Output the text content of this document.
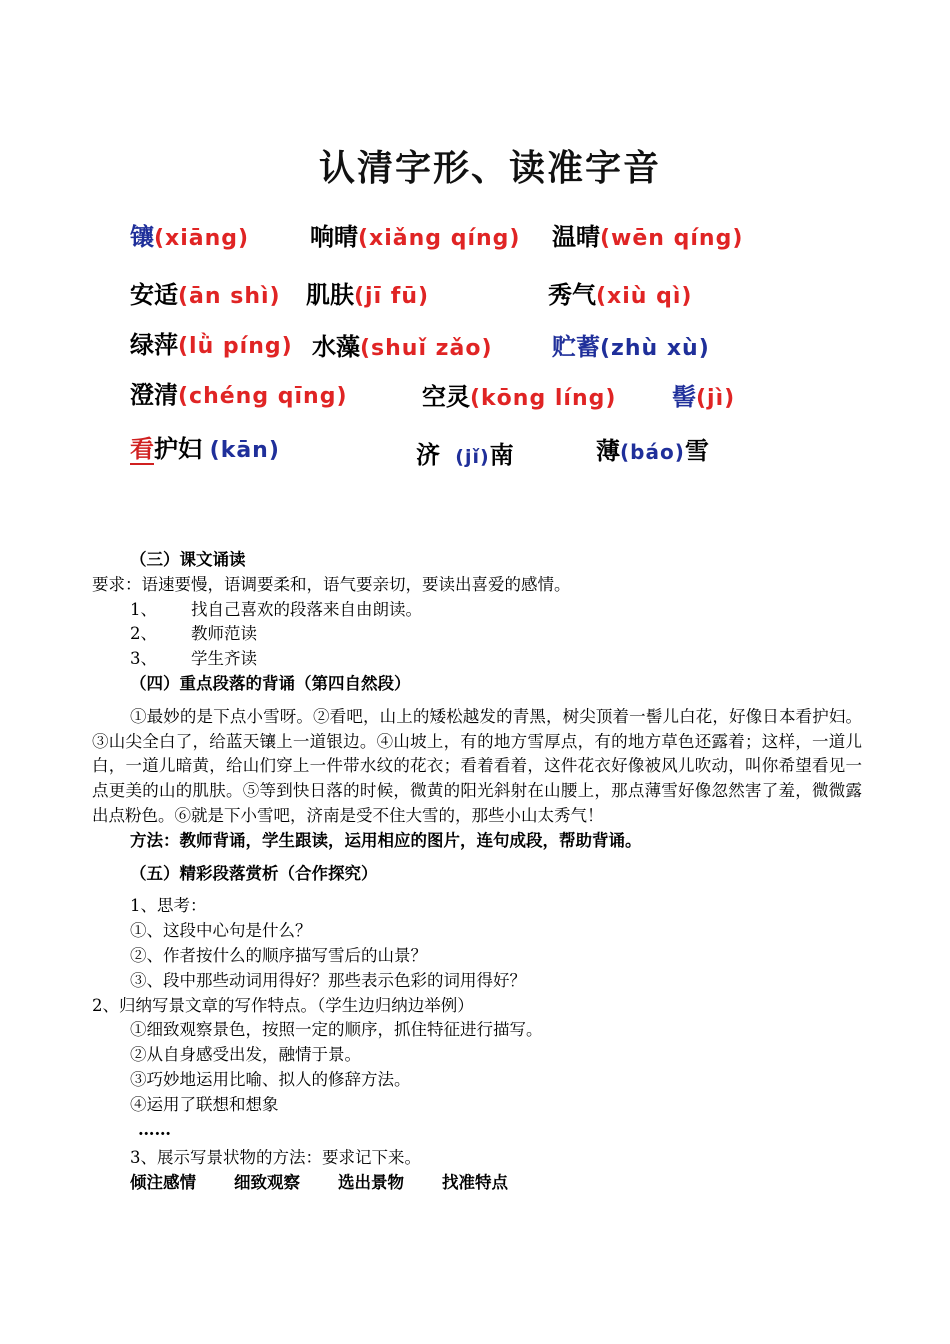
认清字形、读准字音
镶(xiāng)	响晴(xiǎng qíng) 温晴(wēn qíng)
安适(ān shì) 肌肤(jī fū)	秀气(xiù qì)
绿萍(lǜ píng) 水藻(shuǐ zǎo) 贮蓄(zhù xù)
澄清(chéng qīng)	空灵(kōng líng) 髻(jì)
看护妇 (kān)	济 (jǐ)南	薄(báo)雪
（三）课文诵读
要求：语速要慢，语调要柔和，语气要亲切，要读出喜爱的感情。
1、 找自己喜欢的段落来自由朗读。
2、 教师范读
3、 学生齐读
（四）重点段落的背诵（第四自然段）
①最妙的是下点小雪呀。②看吧，山上的矮松越发的青黑，树尖顶着一髻儿白花，好像日本看护妇。③山尖全白了，给蓝天镶上一道银边。④山坡上，有的地方雪厚点，有的地方草色还露着；这样，一道儿白，一道儿暗黄，给山们穿上一件带水纹的花衣；看着看着，这件花衣好像被风儿吹动，叫你希望看见一点更美的山的肌肤。⑤等到快日落的时候，微黄的阳光斜射在山腰上，那点薄雪好像忽然害了羞，微微露出点粉色。⑥就是下小雪吧，济南是受不住大雪的，那些小山太秀气！
方法：教师背诵，学生跟读，运用相应的图片，连句成段，帮助背诵。
（五）精彩段落赏析（合作探究）
1、思考：
①、这段中心句是什么？
②、作者按什么的顺序描写雪后的山景？
③、段中那些动词用得好？那些表示色彩的词用得好？
2、归纳写景文章的写作特点。（学生边归纳边举例）
①细致观察景色，按照一定的顺序，抓住特征进行描写。
②从自身感受出发，融情于景。
③巧妙地运用比喻、拟人的修辞方法。
④运用了联想和想象
……
3、展示写景状物的方法：要求记下来。
倾注感情 细致观察 选出景物 找准特点
